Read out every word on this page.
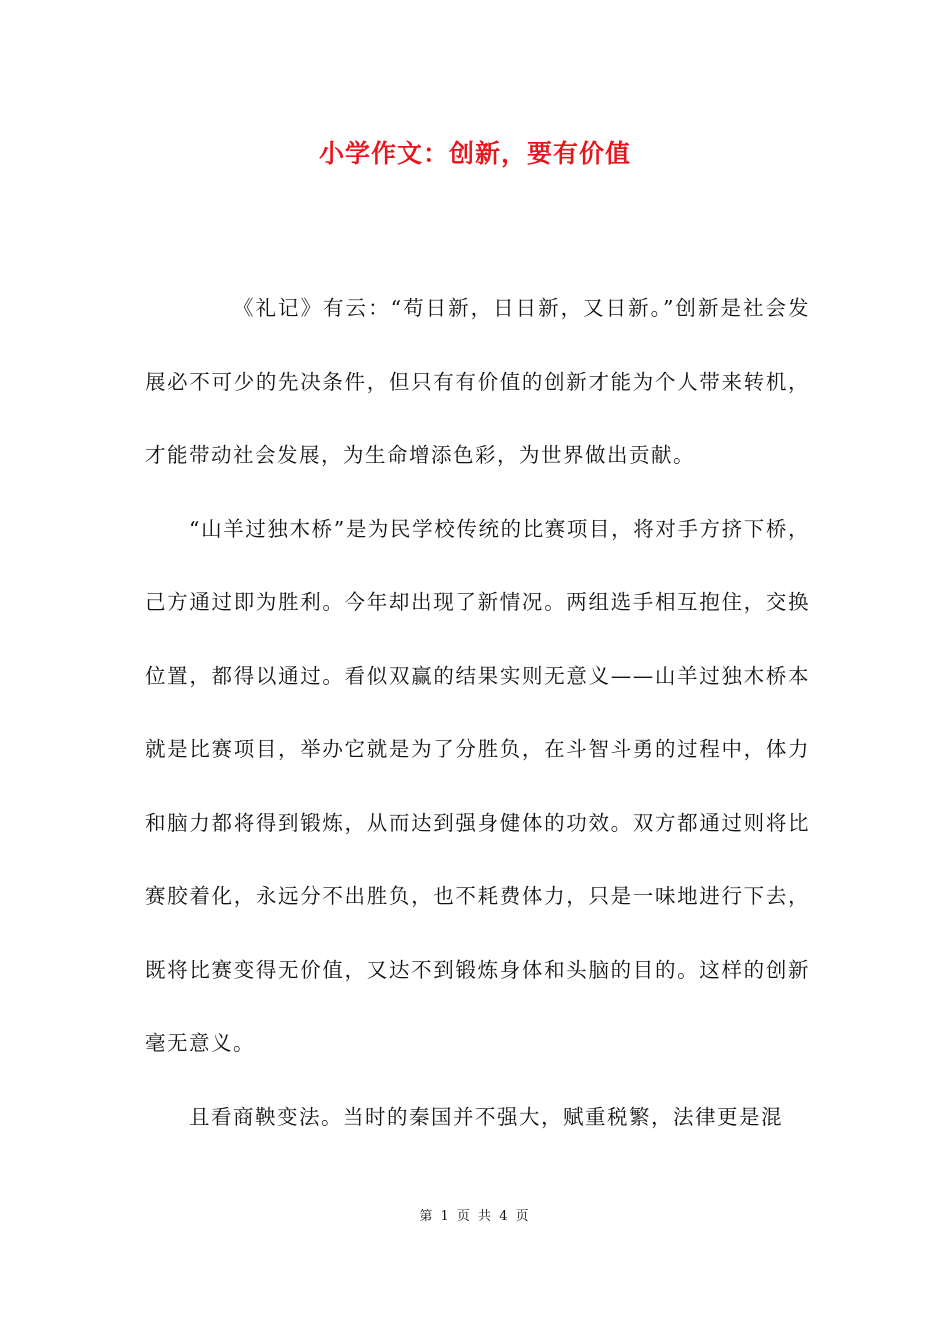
小学作文：创新，要有价值

《礼记》有云：“苟日新，日日新，又日新。”创新是社会发展必不可少的先决条件，但只有有价值的创新才能为个人带来转机，才能带动社会发展，为生命增添色彩，为世界做出贡献。

“山羊过独木桥”是为民学校传统的比赛项目，将对手方挤下桥，己方通过即为胜利。今年却出现了新情况。两组选手相互抱住，交换位置，都得以通过。看似双赢的结果实则无意义——山羊过独木桥本就是比赛项目，举办它就是为了分胜负，在斗智斗勇的过程中，体力和脑力都将得到锻炼，从而达到强身健体的功效。双方都通过则将比赛胶着化，永远分不出胜负，也不耗费体力，只是一味地进行下去，既将比赛变得无价值，又达不到锻炼身体和头脑的目的。这样的创新毫无意义。

且看商鞅变法。当时的秦国并不强大，赋重税繁，法律更是混

第 1 页 共 4 页
